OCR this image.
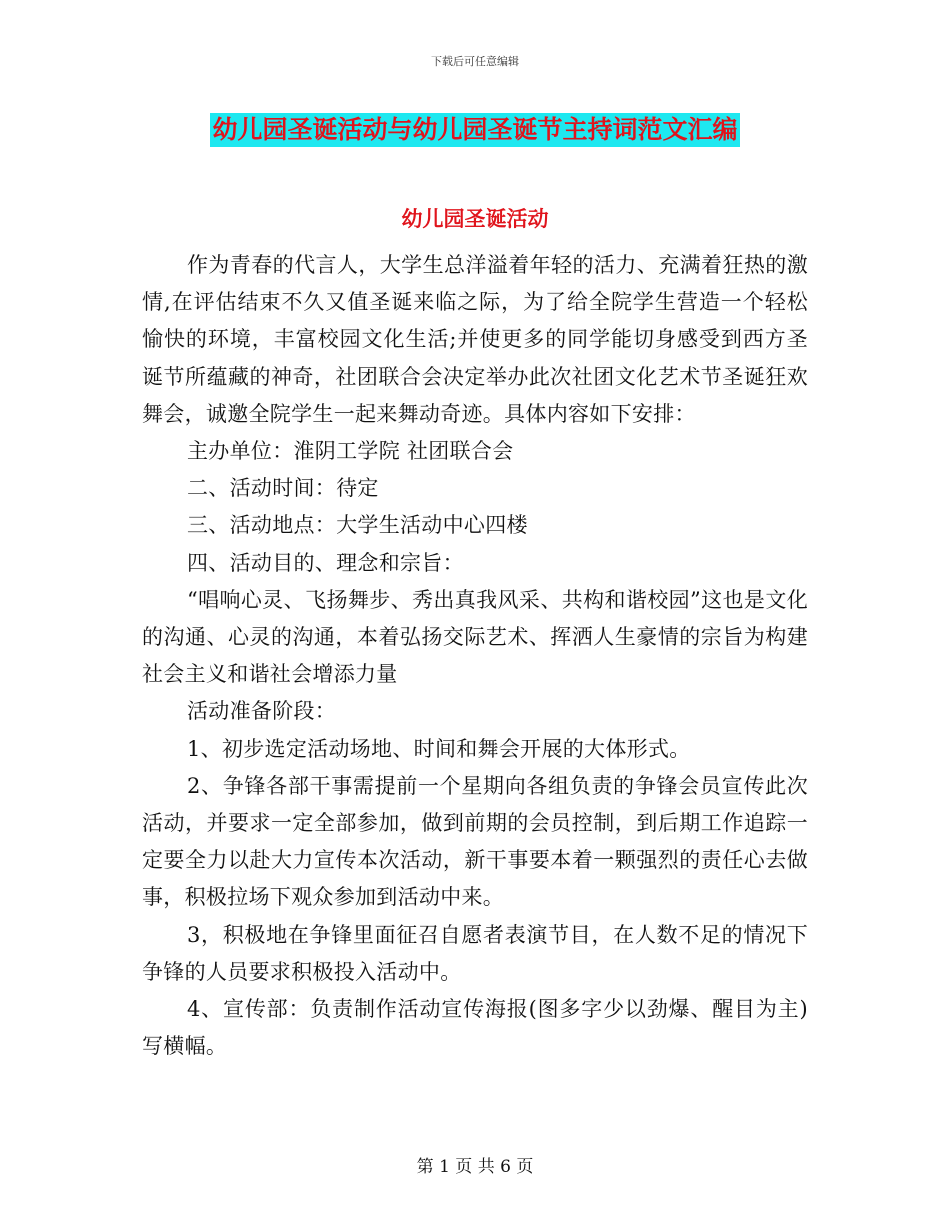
下载后可任意编辑
幼儿园圣诞活动与幼儿园圣诞节主持词范文汇编
幼儿园圣诞活动

作为青春的代言人，大学生总洋溢着年轻的活力、充满着狂热的激情,在评估结束不久又值圣诞来临之际，为了给全院学生营造一个轻松愉快的环境，丰富校园文化生活;并使更多的同学能切身感受到西方圣诞节所蕴藏的神奇，社团联合会决定举办此次社团文化艺术节圣诞狂欢舞会，诚邀全院学生一起来舞动奇迹。具体内容如下安排：

主办单位：淮阴工学院 社团联合会

二、活动时间：待定

三、活动地点：大学生活动中心四楼

四、活动目的、理念和宗旨：

“唱响心灵、飞扬舞步、秀出真我风采、共构和谐校园”这也是文化的沟通、心灵的沟通，本着弘扬交际艺术、挥洒人生豪情的宗旨为构建社会主义和谐社会增添力量

活动准备阶段：

1、初步选定活动场地、时间和舞会开展的大体形式。

2、争锋各部干事需提前一个星期向各组负责的争锋会员宣传此次活动，并要求一定全部参加，做到前期的会员控制，到后期工作追踪一定要全力以赴大力宣传本次活动，新干事要本着一颗强烈的责任心去做事，积极拉场下观众参加到活动中来。

3，积极地在争锋里面征召自愿者表演节目，在人数不足的情况下争锋的人员要求积极投入活动中。

4、宣传部：负责制作活动宣传海报(图多字少以劲爆、醒目为主)写横幅。

第 1 页 共 6 页
